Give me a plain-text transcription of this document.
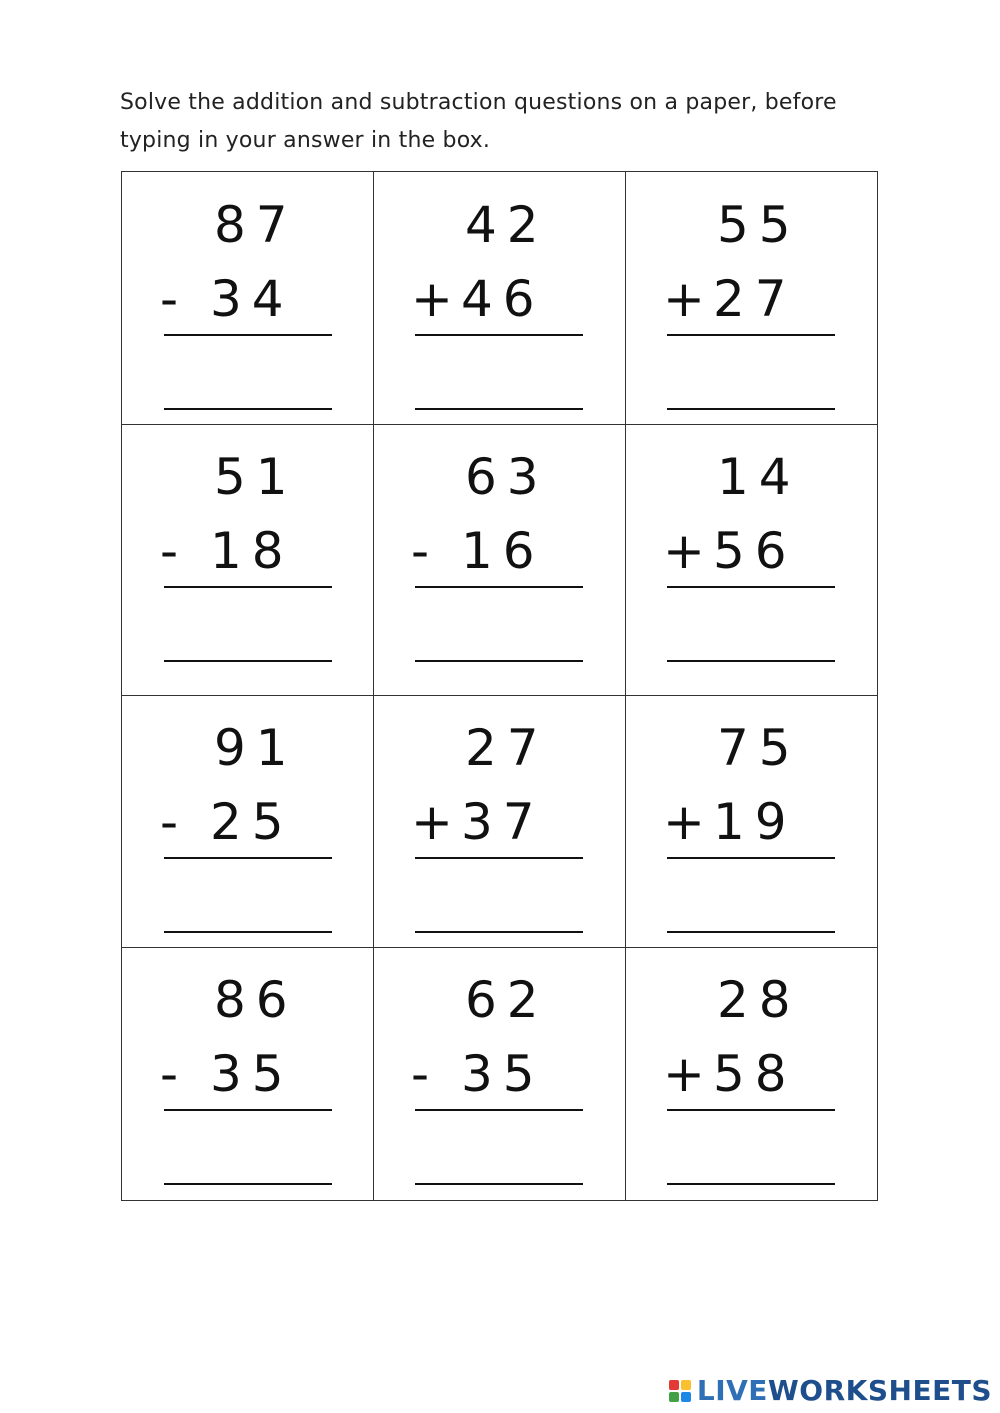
Solve the addition and subtraction questions on a paper, before
typing in your answer in the box.
87
- 34
42
+ 46
55
+ 27
51
- 18
63
- 16
14
+ 56
91
- 25
27
+ 37
75
+ 19
86
- 35
62
- 35
28
+ 58
LIVEWORKSHEETS
